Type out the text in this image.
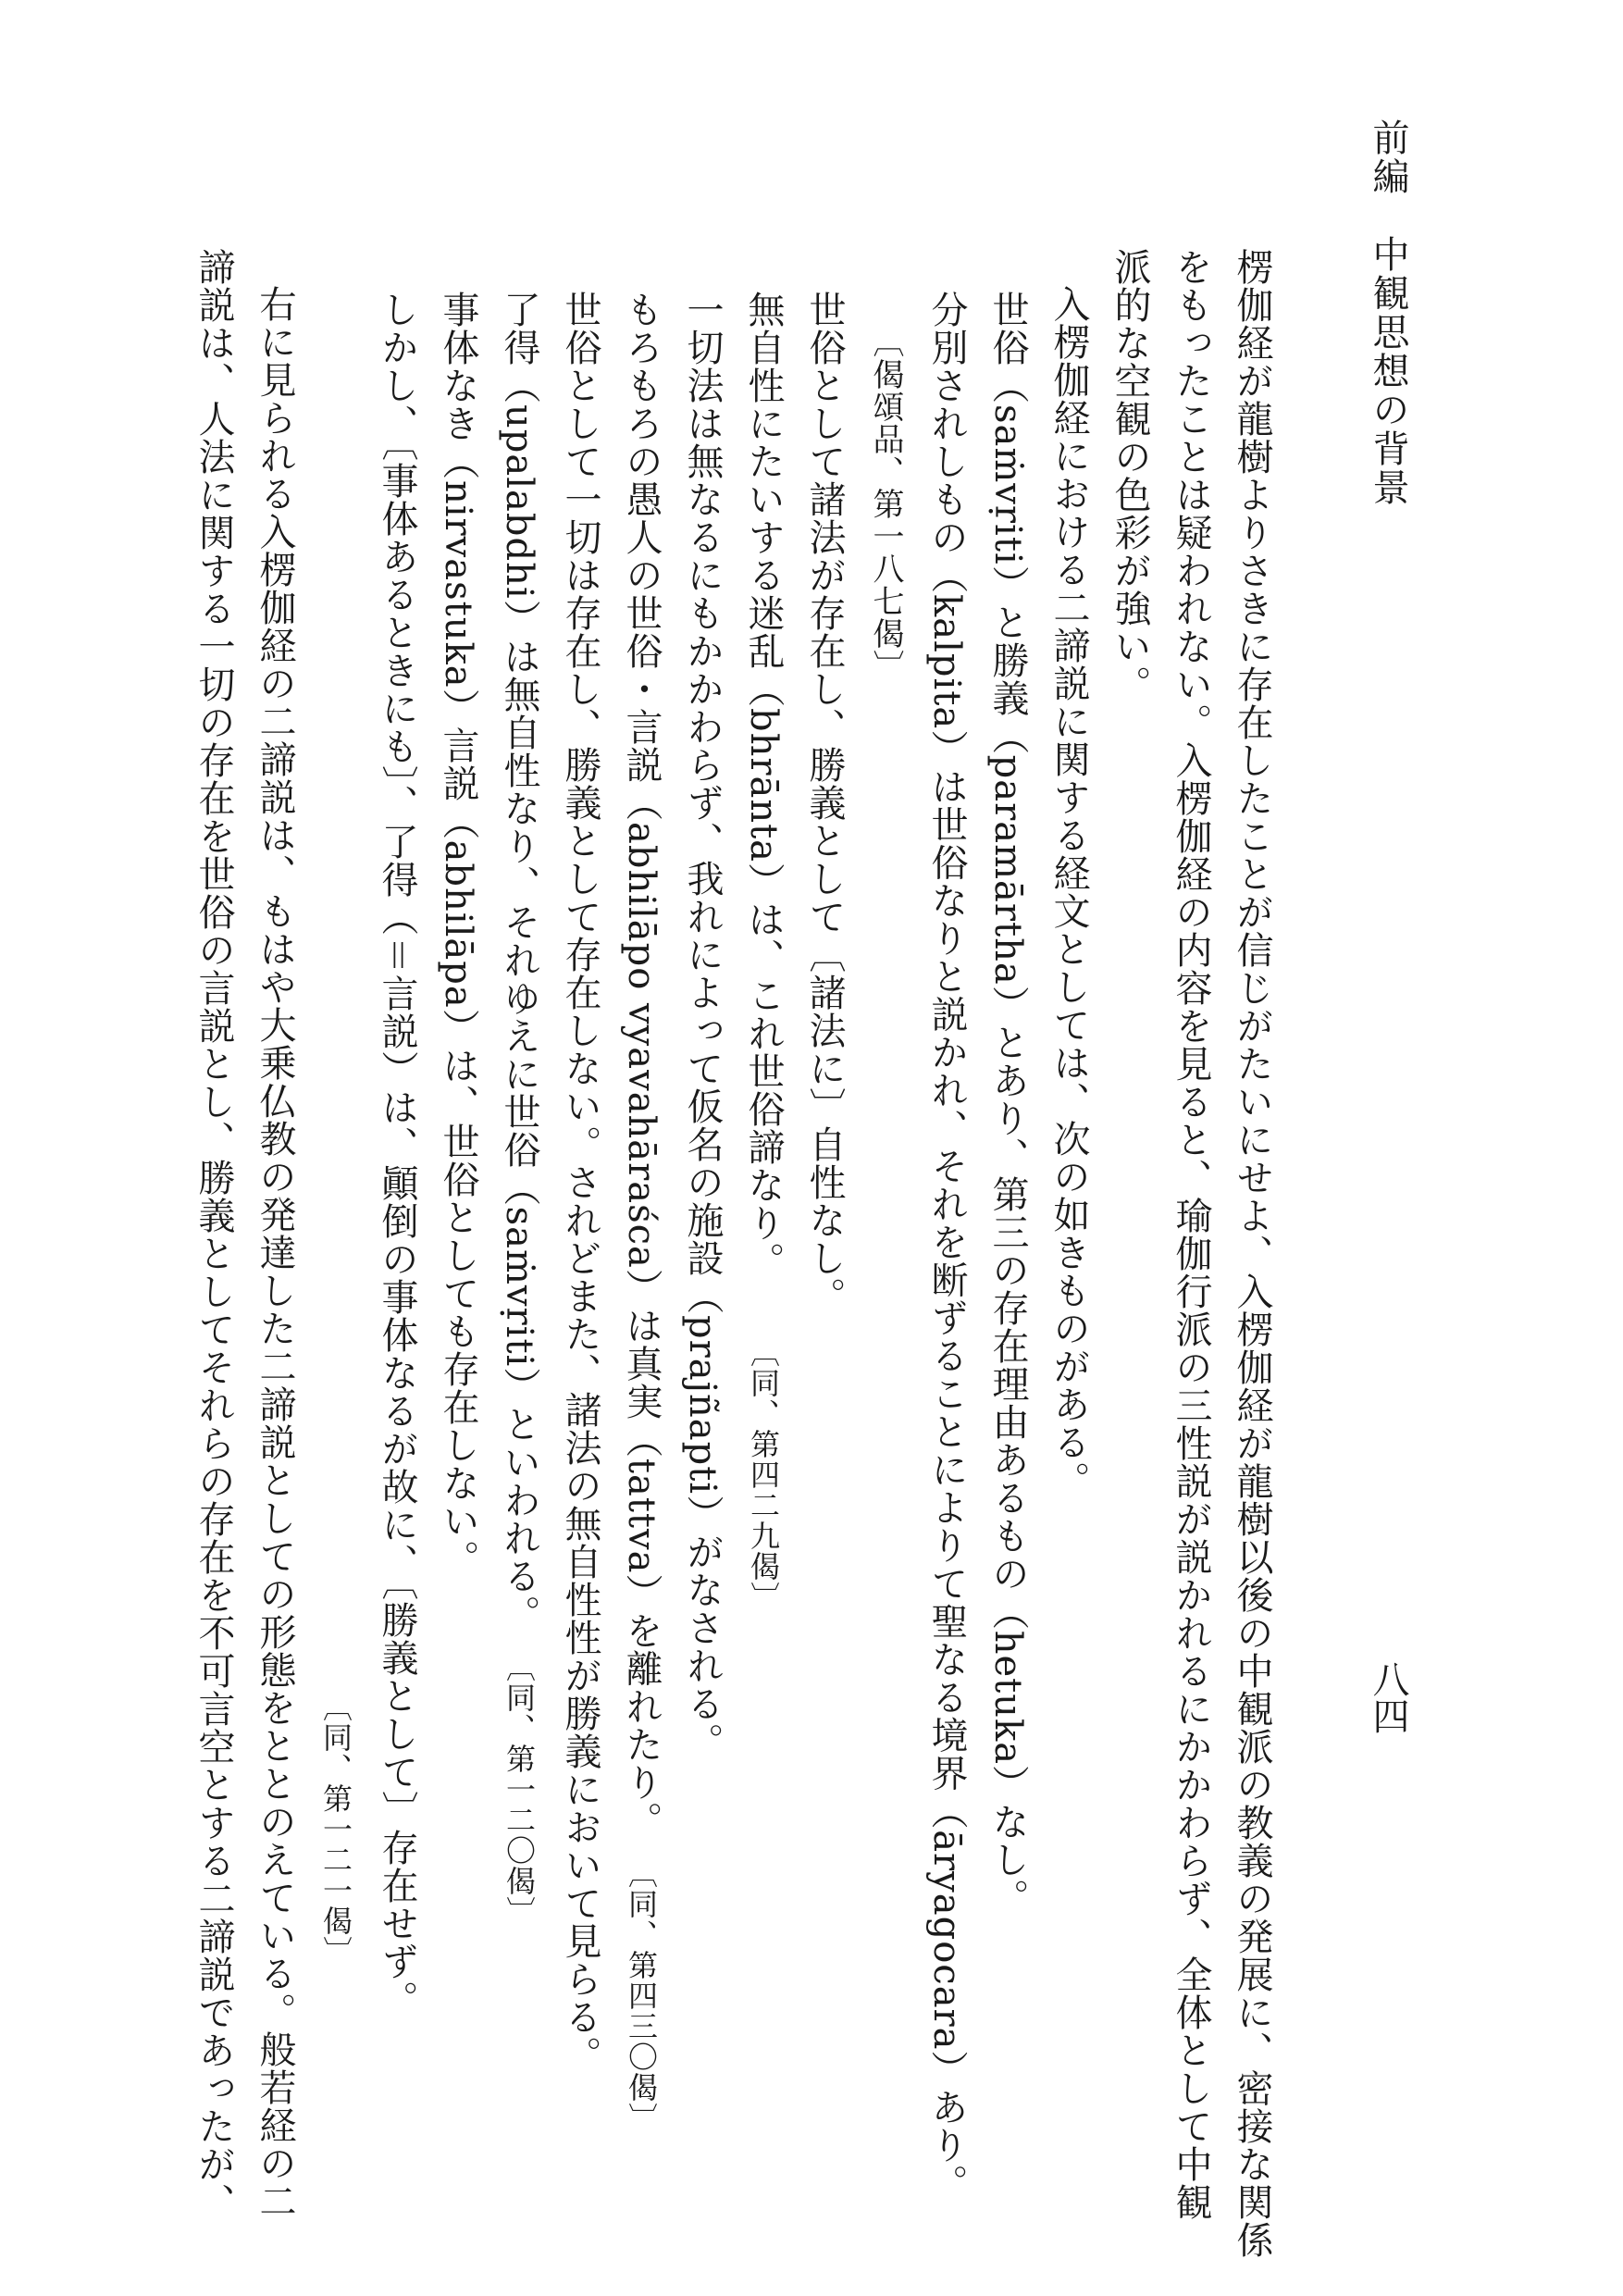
前編　中観思想の背景
八四
楞伽経が龍樹よりさきに存在したことが信じがたいにせよ、入楞伽経が龍樹以後の中観派の教義の発展に、密接な関係
をもったことは疑われない。入楞伽経の内容を見ると、瑜伽行派の三性説が説かれるにかかわらず、全体として中観
派的な空観の色彩が強い。
入楞伽経における二諦説に関する経文としては、次の如きものがある。
世俗（saṁvṛiti）と勝義（paramārtha）とあり、第三の存在理由あるもの（hetuka）なし。
分別されしもの（kalpita）は世俗なりと説かれ、それを断ずることによりて聖なる境界（āryagocara）あり。
〔偈頌品、第一八七偈〕
世俗として諸法が存在し、勝義として〔諸法に〕自性なし。
無自性にたいする迷乱（bhrānta）は、これ世俗諦なり。　　〔同、第四二九偈〕
一切法は無なるにもかかわらず、我れによって仮名の施設（prajñapti）がなされる。
もろもろの愚人の世俗・言説（abhilāpo vyavahāraśca）は真実（tattva）を離れたり。　〔同、第四三〇偈〕
世俗として一切は存在し、勝義として存在しない。されどまた、諸法の無自性性が勝義において見らる。
了得（upalabdhi）は無自性なり、それゆえに世俗（saṁvṛiti）といわれる。　〔同、第一二〇偈〕
事体なき（nirvastuka）言説（abhilāpa）は、世俗としても存在しない。
しかし、〔事体あるときにも〕、了得（＝言説）は、顚倒の事体なるが故に、〔勝義として〕存在せず。
〔同、第一二一偈〕
右に見られる入楞伽経の二諦説は、もはや大乗仏教の発達した二諦説としての形態をととのえている。般若経の二
諦説は、人法に関する一切の存在を世俗の言説とし、勝義としてそれらの存在を不可言空とする二諦説であったが、
